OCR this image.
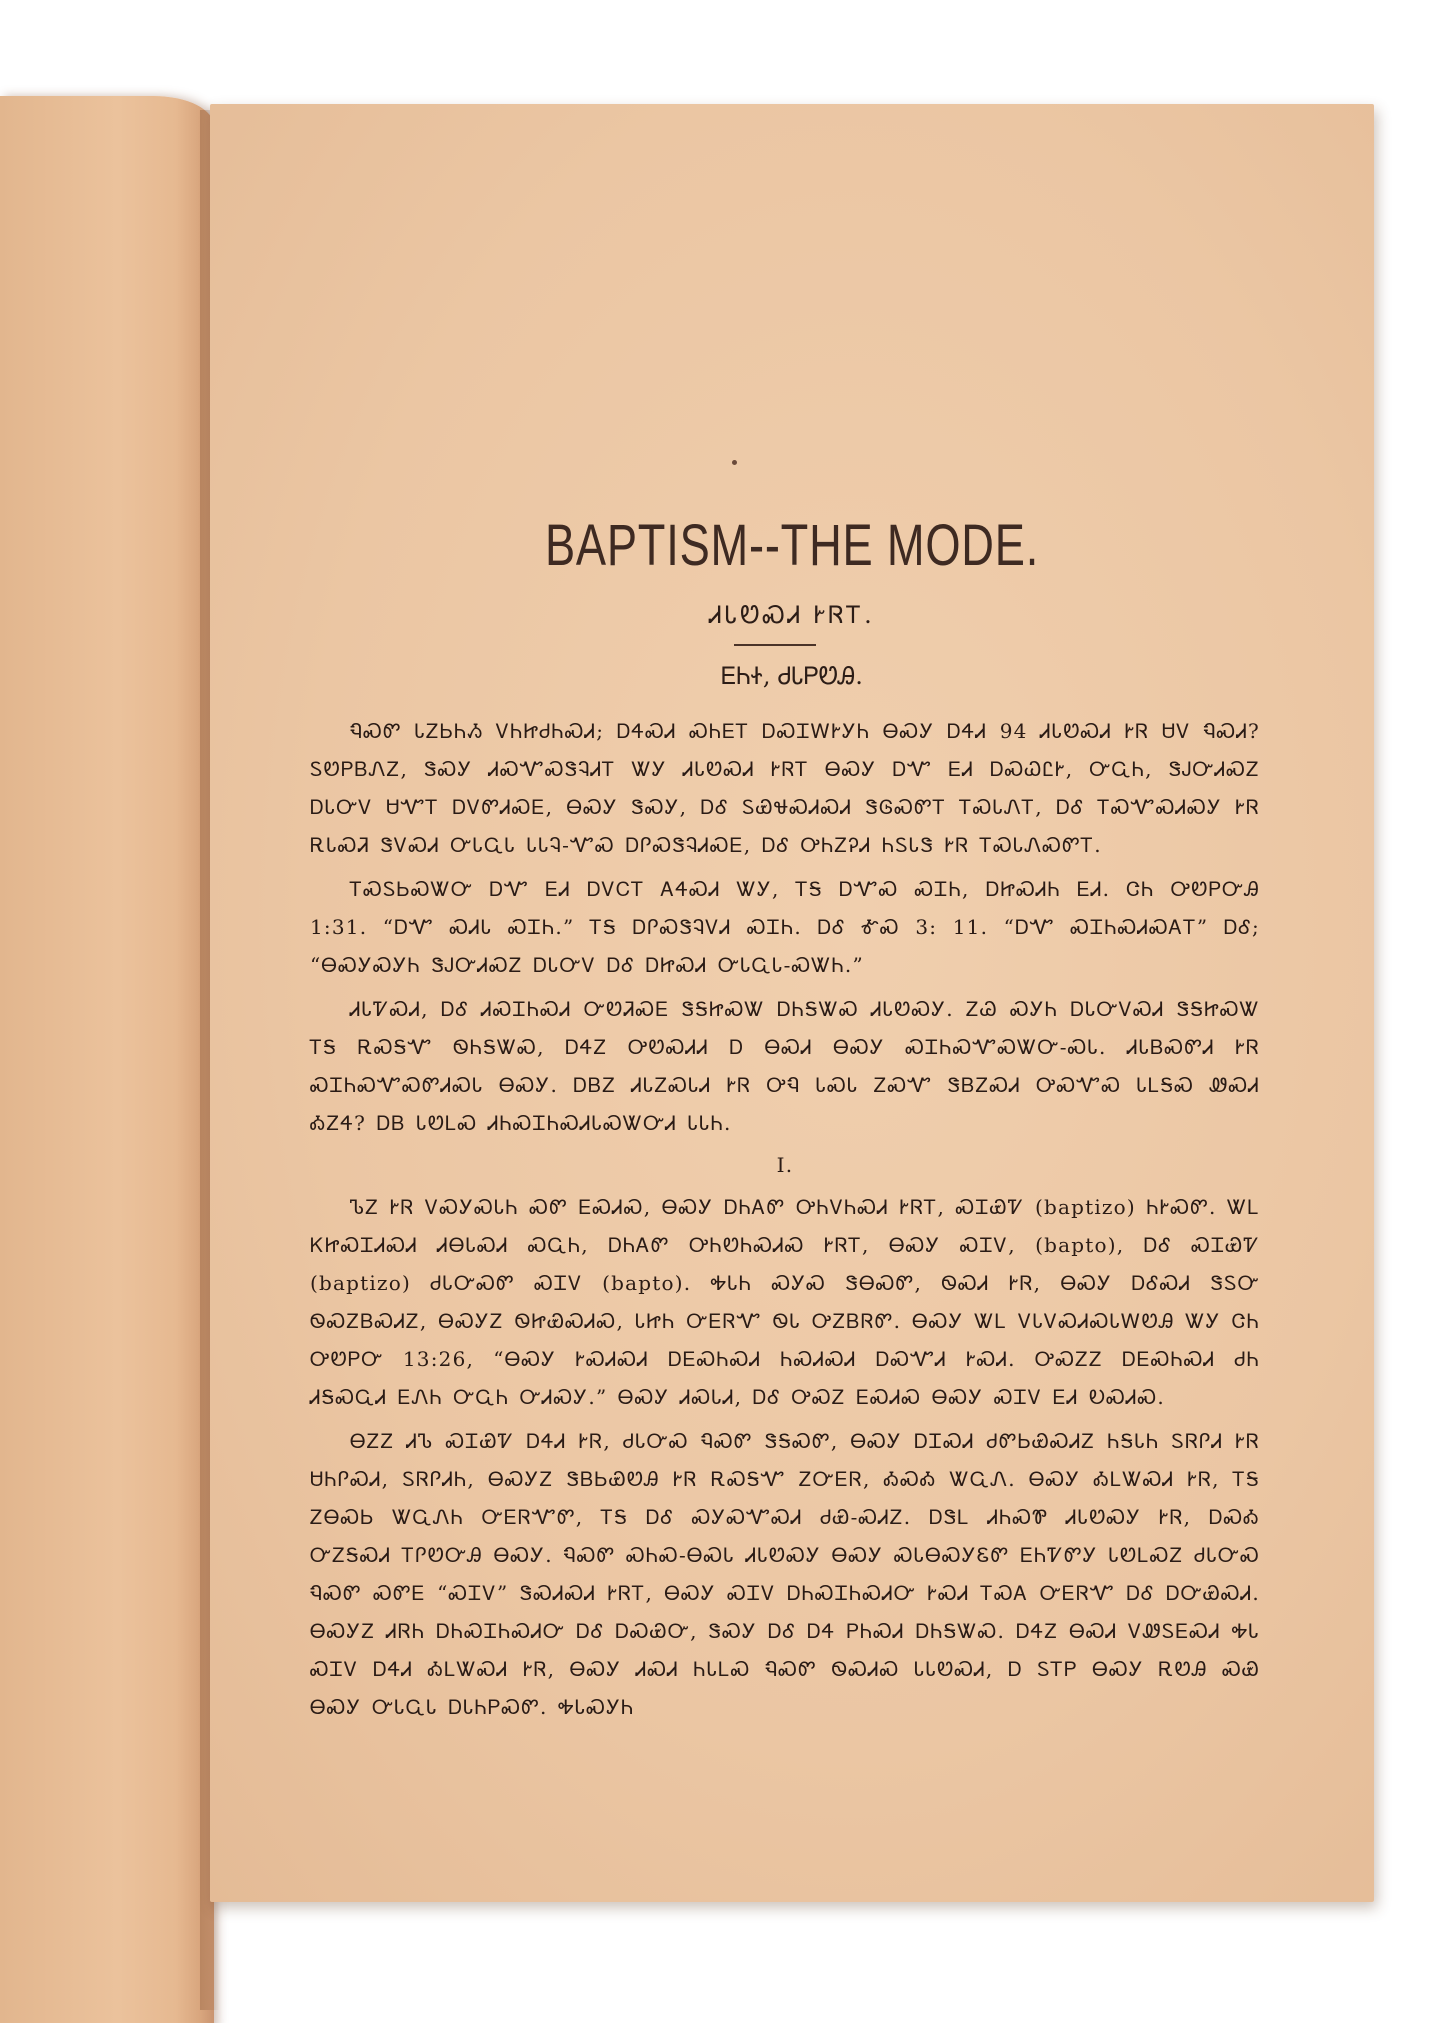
BAPTISM--THE MODE.
ᏗᏓᏬᏍᏗ ᎨᏒᎢ.
ᎬᏂᏐ, ᏧᏓᏢᏬᎯ.

ᏄᏍᏛ ᏓᏃᏏᏂᏱ ᏙᏂᏥᏧᏂᏍᏗ; ᎠᏎᏍᏗ ᏍᏂᎬᎢ ᎠᏍᏆᎳᎨᎩᏂ ᎾᏍᎩ ᎠᏎᏗ 94 ᏗᏓᏬᏍᏗ ᎨᏒ ᏌᏙ ᏄᏍᏗ? ᏚᏬᏢᏴᏁᏃ, ᏕᏍᎩ ᏗᏍᏉᏍᏕᎸᏗᎢ ᏔᎩ ᏗᏓᏬᏍᏗ ᎨᏒᎢ ᎾᏍᎩ ᎠᏉ ᎬᏗ ᎠᏍᏇᏝᎨ, ᏅᏩᏂ, ᏕᎫᏅᏗᏍᏃ ᎠᏓᏅᏙ ᏌᏉᎢ ᎠᏙᏛᏗᏍᎬ, ᎾᏍᎩ ᏕᏍᎩ, ᎠᎴ ᏚᏯᏠᏍᏗᏍᏗ ᏕᎶᏍᏛᎢ ᎢᏍᏓᏁᎢ, ᎠᎴ ᎢᏍᏉᏍᏗᏍᎩ ᎨᏒ ᎡᏓᏍᏘ ᏕᏙᏍᏗ ᏅᏓᏩᏓ ᏓᏓᎸ-ᏉᏍ ᎠᎵᏍᏕᎸᏗᏍᎬ, ᎠᎴ ᎤᏂᏃᎮᏗ ᏂᏚᏓᏕ ᎨᏒ ᎢᏍᏓᏁᏍᏛᎢ.

ᎢᏍᏚᏏᏍᏔᏅ ᎠᏉ ᎬᏗ ᎠᏙᏟᎢ ᎪᏎᏍᏗ ᏔᎩ, ᎢᎦ ᎠᏉᏍ ᏍᏆᏂ, ᎠᏥᏍᏗᏂ ᎬᏗ. ᏣᏂ ᎤᏬᏢᏅᎯ 1:31. “ᎠᏉ ᏍᏗᏓ ᏍᏆᏂ.” ᎢᎦ ᎠᎵᏍᏕᎸᏙᏗ ᏍᏆᏂ. ᎠᎴ ᎹᏍ 3: 11. “ᎠᏉ ᏍᏆᏂᏍᏗᏍᎪᎢ” ᎠᎴ; “ᎾᏍᎩᏍᎩᏂ ᏕᎫᏅᏗᏍᏃ ᎠᏓᏅᏙ ᎠᎴ ᎠᏥᏍᏗ ᏅᏓᏩᏓ-ᏍᏔᏂ.”

ᏗᏓᏤᏍᏗ, ᎠᎴ ᏗᏍᏆᏂᏍᏗ ᏅᏬᏘᏍᎬ ᏕᎦᏥᏍᏔ ᎠᏂᎦᏔᏍ ᏗᏓᏬᏍᎩ. ᏃᏊ ᏍᎩᏂ ᎠᏓᏅᏙᏍᏗ ᏕᎦᏥᏍᏔ ᎢᎦ ᎡᏍᎦᏉ ᏫᏂᎦᏔᏍ, ᎠᏎᏃ ᎤᏬᏍᏗᏗ Ꭰ ᎾᏍᏗ ᎾᏍᎩ ᏍᏆᏂᏍᏉᏍᏔᏅ-ᏍᏓ. ᏗᏓᏴᏍᏛᏗ ᎨᏒ ᏍᏆᏂᏍᏉᏍᏛᏗᏍᏓ ᎾᏍᎩ. ᎠᏴᏃ ᏗᏓᏃᏍᏓᏗ ᎨᏒ ᎤᏄ ᏓᏍᏓ ᏃᏍᏉ ᏕᏴᏃᏍᏗ ᎤᏍᏉᏍ ᏓᏞᎦᏍ ᏪᏍᏗ ᎣᏃᏎ? ᎠᏴ ᏓᏬᏞᏍ ᏗᏂᏍᏆᏂᏍᏗᏓᏍᏔᏅᏗ ᏓᏓᏂ.

I.

ᏖᏃ ᎨᏒ ᏙᏍᎩᏍᏓᏂ ᏍᏛ ᎬᏍᏗᏍ, ᎾᏍᎩ ᎠᏂᎪᏛ ᎤᏂᏙᏂᏍᏗ ᎨᏒᎢ, ᏍᏆᏯᏤ (baptizo) ᏂᎨᏍᏛ. ᏔᏞ ᏦᏥᏍᏆᏗᏍᏗ ᏗᎾᏓᏍᏗ ᏍᏩᏂ, ᎠᏂᎪᏛ ᎤᏂᏬᏂᏍᏗᏍ ᎨᏒᎢ, ᎾᏍᎩ ᏍᏆᏙ, (bapto), ᎠᎴ ᏍᏆᏯᏤ (baptizo) ᏧᏓᏅᏍᏛ ᏍᏆᏙ (bapto). ᎭᏓᏂ ᏍᎩᏍ ᏕᎾᏍᏛ, ᏫᏍᏗ ᎨᏒ, ᎾᏍᎩ ᎠᎴᏍᏗ ᏕᏚᏅ ᏫᏍᏃᏴᏍᏗᏃ, ᎾᏍᎩᏃ ᏫᏥᏯᏍᏗᏍ, ᏓᏥᏂ ᏅᎬᏒᏉ ᏫᏓ ᎤᏃᏴᏒᏛ. ᎾᏍᎩ ᏔᏞ ᏙᏓᏙᏍᏗᏍᏓᎳᏬᎯ ᏔᎩ ᏣᏂ ᎤᏬᏢᏅ 13:26, “ᎾᏍᎩ ᎨᏍᏗᏍᏗ ᎠᎬᏍᏂᏍᏗ ᏂᏍᏗᏍᏗ ᎠᏍᏉᏗ ᎨᏍᏗ. ᎤᏍᏃᏃ ᎠᎬᏍᏂᏍᏗ ᏧᏂ ᏗᎦᏍᏩᏗ ᎬᏁᏂ ᏅᏩᏂ ᏅᏗᏍᎩ.” ᎾᏍᎩ ᏗᏍᏓᏗ, ᎠᎴ ᎤᏍᏃ ᎬᏍᏗᏍ ᎾᏍᎩ ᏍᏆᏙ ᎬᏗ ᎧᏍᏗᏍ.

ᎾᏃᏃ ᏗᏖ ᏍᏆᏯᏤ ᎠᏎᏗ ᎨᏒ, ᏧᏓᏅᏍ ᏄᏍᏛ ᏕᎦᏍᏛ, ᎾᏍᎩ ᎠᏆᏍᏗ ᏧᏛᏏᏯᏍᏗᏃ ᏂᎦᏓᏂ ᏚᏒᎵᏗ ᎨᏒ ᏌᏂᎵᏍᏗ, ᏚᏒᎵᏗᏂ, ᎾᏍᎩᏃ ᏕᏴᏏᏯᏬᎯ ᎨᏒ ᎡᏍᎦᏉ ᏃᏅᎬᏒ, ᎣᏍᎣ ᏔᏩᏁ. ᎾᏍᎩ ᎣᏞᏔᏍᏗ ᎨᏒ, ᎢᎦ ᏃᎾᏍᏏ ᏔᏩᏁᏂ ᏅᎬᏒᏉᏛ, ᎢᎦ ᎠᎴ ᏍᎩᏍᏉᏍᏗ ᏧᏯ-ᏍᏗᏃ. ᎠᏕᏞ ᏗᏂᏍᏈ ᏗᏓᏬᏍᎩ ᎨᏒ, ᎠᏍᎣ ᏅᏃᎦᏍᏗ ᎢᎵᏬᏅᎯ ᎾᏍᎩ. ᏄᏍᏛ ᏍᏂᏍ-ᎾᏍᏓ ᏗᏓᏬᏍᎩ ᎾᏍᎩ ᏍᏓᎾᏍᎩᏋᏛ ᎬᏂᏤᏛᎩ ᏓᏬᏞᏍᏃ ᏧᏓᏅᏍ ᏄᏍᏛ ᏍᏛᎬ “ᏍᏆᏙ” ᏕᏍᏗᏍᏗ ᎨᏒᎢ, ᎾᏍᎩ ᏍᏆᏙ ᎠᏂᏍᏆᏂᏍᏗᏅ ᎨᏍᏗ ᎢᏍᎪ ᏅᎬᏒᏉ ᎠᎴ ᎠᏅᏯᏍᏗ. ᎾᏍᎩᏃ ᏗᏒᏂ ᎠᏂᏍᏆᏂᏍᏗᏅ ᎠᎴ ᎠᏍᏯᏅ, ᏕᏍᎩ ᎠᎴ ᎠᏎ ᏢᏂᏍᏗ ᎠᏂᎦᏔᏍ. ᎠᏎᏃ ᎾᏍᏗ ᏙᏪᏚᎬᏍᏗ ᎭᏓ ᏍᏆᏙ ᎠᏎᏗ ᎣᏞᏔᏍᏗ ᎨᏒ, ᎾᏍᎩ ᏗᏍᏗ ᏂᏓᏞᏍ ᏄᏍᏛ ᏫᏍᏗᏍ ᏓᏓᏬᏍᏗ, Ꭰ ᏚᎢᏢ ᎾᏍᎩ ᎡᏬᎯ ᏍᏯ ᎾᏍᎩ ᏅᏓᏩᏓ ᎠᏓᏂᏢᏍᏛ. ᎭᏓᏍᎩᏂ
